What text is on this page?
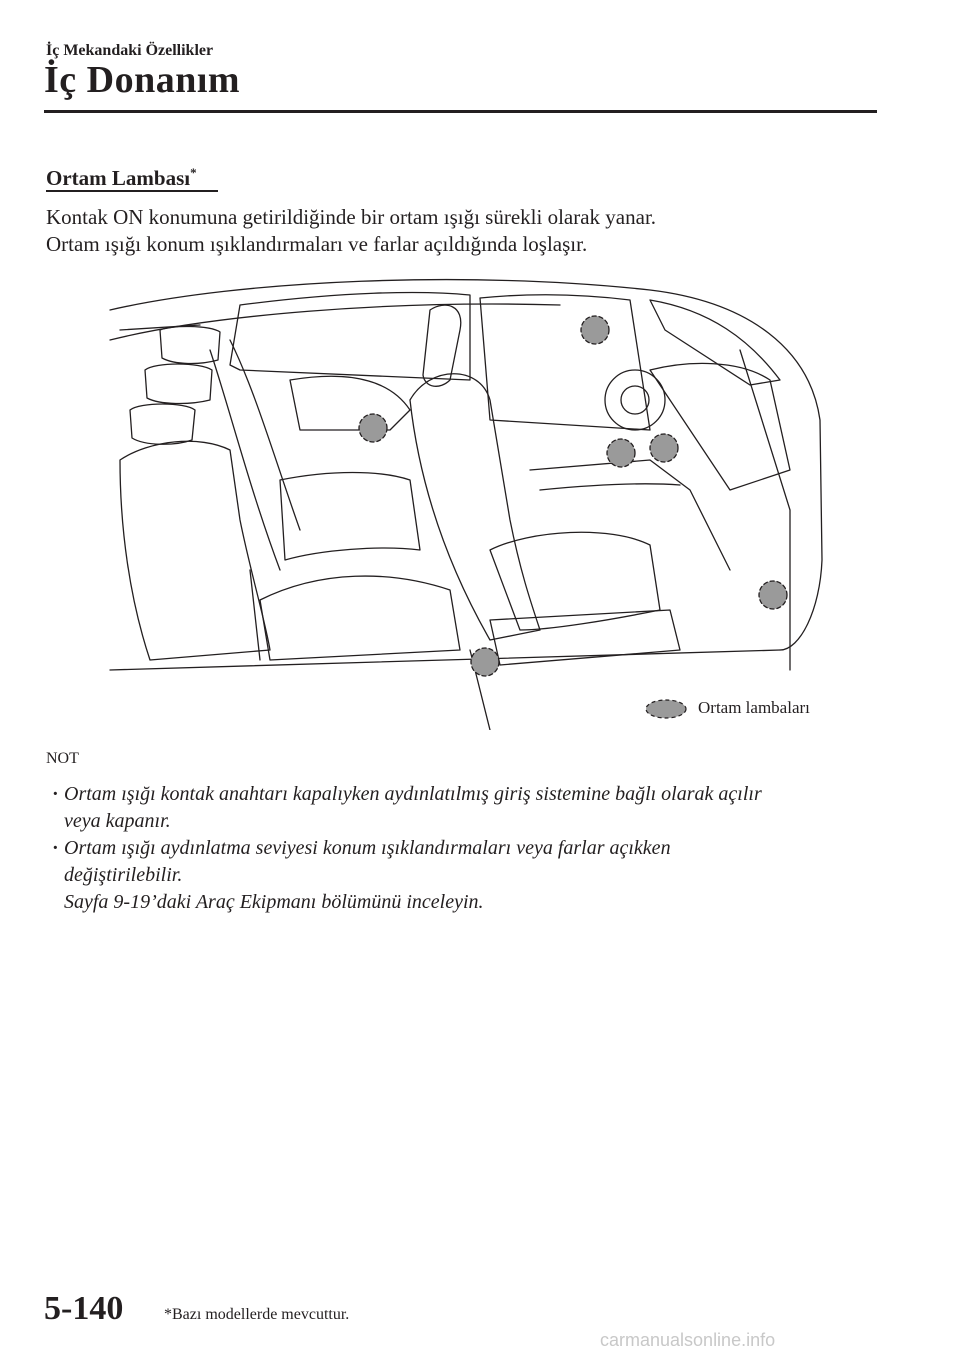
İç Mekandaki Özellikler
İç Donanım
Ortam Lambası*
Kontak ON konumuna getirildiğinde bir ortam ışığı sürekli olarak yanar.
Ortam ışığı konum ışıklandırmaları ve farlar açıldığında loşlaşır.
Ortam lambaları
NOT
· Ortam ışığı kontak anahtarı kapalıyken aydınlatılmış giriş sistemine bağlı olarak açılır
veya kapanır.
· Ortam ışığı aydınlatma seviyesi konum ışıklandırmaları veya farlar açıkken
değiştirilebilir.
Sayfa 9-19’daki Araç Ekipmanı bölümünü inceleyin.
5-140	*Bazı modellerde mevcuttur.
carmanualsonline.info
